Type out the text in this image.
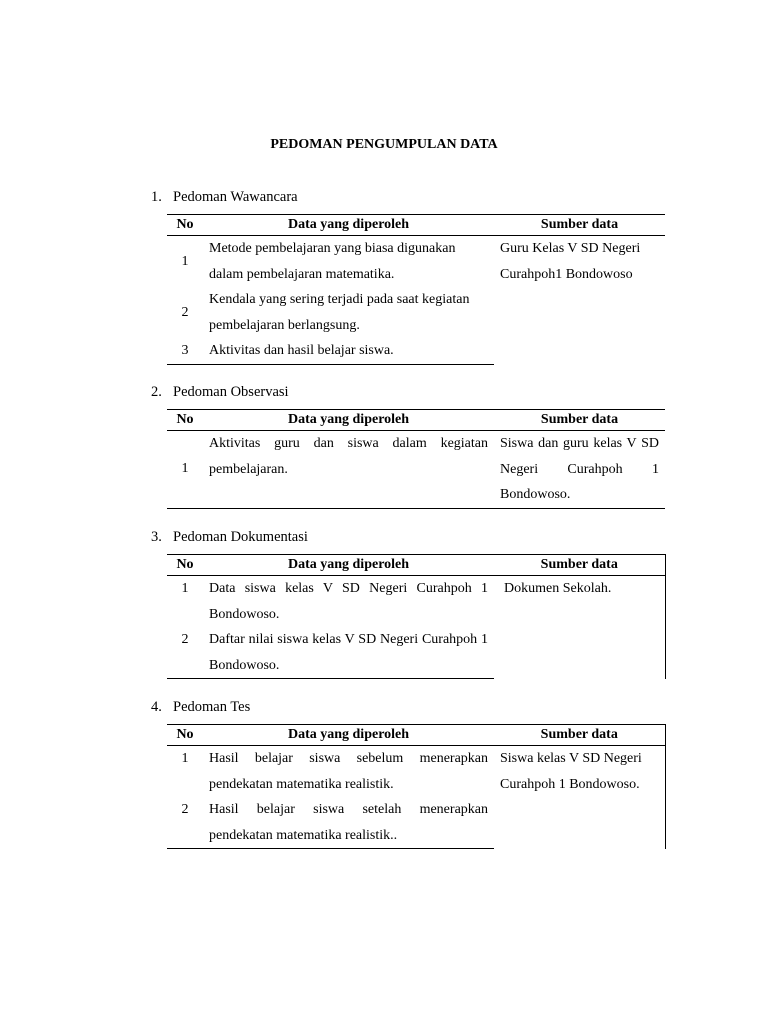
PEDOMAN PENGUMPULAN DATA
1. Pedoman Wawancara
No	Data yang diperoleh	Sumber data
1	Metode pembelajaran yang biasa digunakan dalam pembelajaran matematika.	Guru Kelas V SD Negeri Curahpoh1 Bondowoso
2	Kendala yang sering terjadi pada saat kegiatan pembelajaran berlangsung.	
3	Aktivitas dan hasil belajar siswa.	
2. Pedoman Observasi
No	Data yang diperoleh	Sumber data
1	Aktivitas guru dan siswa dalam kegiatan pembelajaran.	Siswa dan guru kelas V SD Negeri Curahpoh 1 Bondowoso.
3. Pedoman Dokumentasi
No	Data yang diperoleh	Sumber data
1	Data siswa kelas V SD Negeri Curahpoh 1 Bondowoso.	Dokumen Sekolah.
2	Daftar nilai siswa kelas V SD Negeri Curahpoh 1 Bondowoso.	
4. Pedoman Tes
No	Data yang diperoleh	Sumber data
1	Hasil belajar siswa sebelum menerapkan pendekatan matematika realistik.	Siswa kelas V SD Negeri Curahpoh 1 Bondowoso.
2	Hasil belajar siswa setelah menerapkan pendekatan matematika realistik..	
